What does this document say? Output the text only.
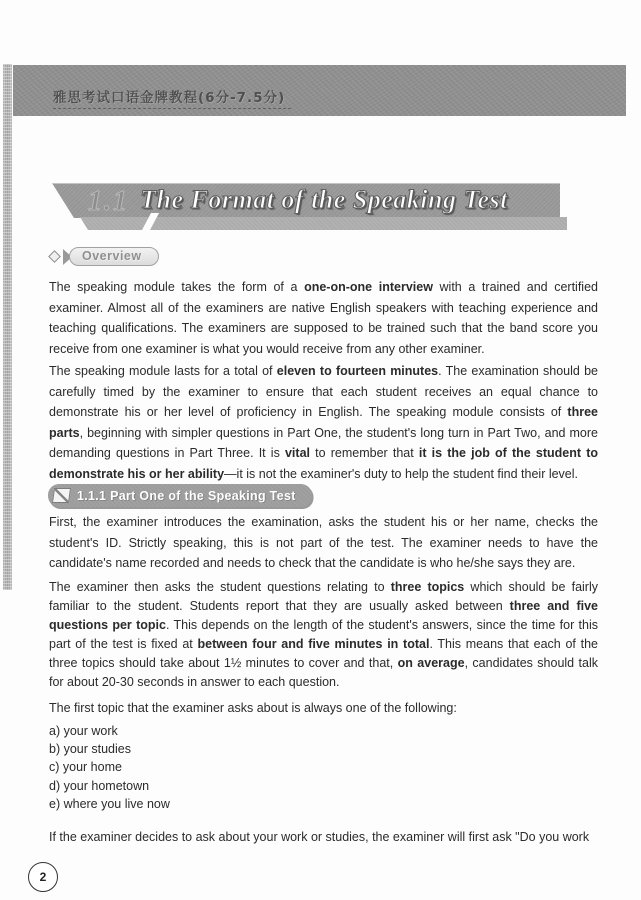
雅思考试口语金牌教程(6分-7.5分)
1.1 The Format of the Speaking Test
Overview
The speaking module takes the form of a one-on-one interview with a trained and certified examiner. Almost all of the examiners are native English speakers with teaching experience and teaching qualifications. The examiners are supposed to be trained such that the band score you receive from one examiner is what you would receive from any other examiner.
The speaking module lasts for a total of eleven to fourteen minutes. The examination should be carefully timed by the examiner to ensure that each student receives an equal chance to demonstrate his or her level of proficiency in English. The speaking module consists of three parts, beginning with simpler questions in Part One, the student's long turn in Part Two, and more demanding questions in Part Three. It is vital to remember that it is the job of the student to demonstrate his or her ability—it is not the examiner's duty to help the student find their level.
1.1.1 Part One of the Speaking Test
First, the examiner introduces the examination, asks the student his or her name, checks the student's ID. Strictly speaking, this is not part of the test. The examiner needs to have the candidate's name recorded and needs to check that the candidate is who he/she says they are.
The examiner then asks the student questions relating to three topics which should be fairly familiar to the student. Students report that they are usually asked between three and five questions per topic. This depends on the length of the student's answers, since the time for this part of the test is fixed at between four and five minutes in total. This means that each of the three topics should take about 1½ minutes to cover and that, on average, candidates should talk for about 20-30 seconds in answer to each question.
The first topic that the examiner asks about is always one of the following:
a) your work
b) your studies
c) your home
d) your hometown
e) where you live now
If the examiner decides to ask about your work or studies, the examiner will first ask "Do you work
2
